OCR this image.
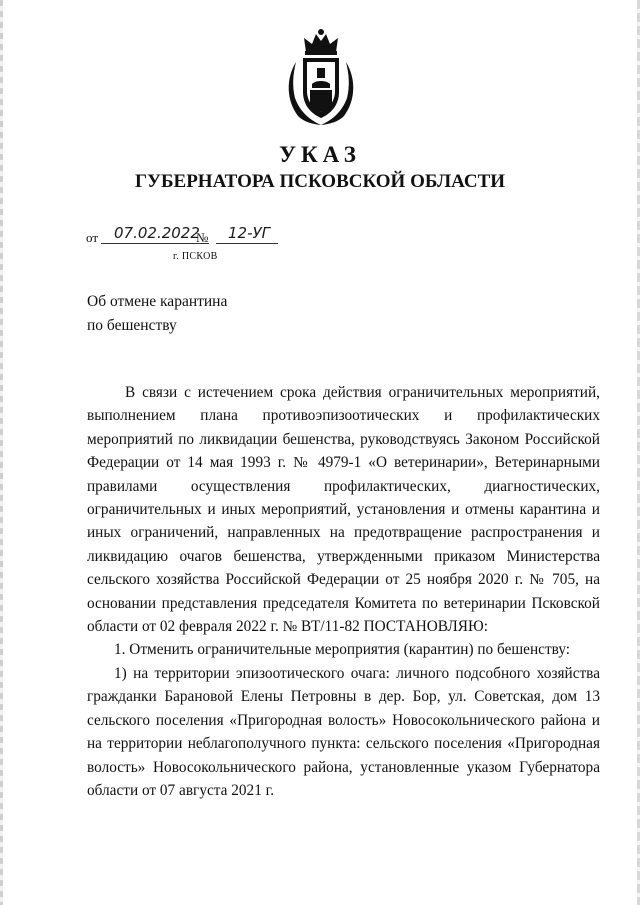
УКАЗ
ГУБЕРНАТОРА ПСКОВСКОЙ ОБЛАСТИ
от 07.02.2022
№ 12-УГ
г. ПСКОВ
Об отмене карантина
по бешенству

В связи с истечением срока действия ограничительных мероприятий, выполнением плана противоэпизоотических и профилактических мероприятий по ликвидации бешенства, руководствуясь Законом Российской Федерации от 14 мая 1993 г. № 4979-1 «О ветеринарии», Ветеринарными правилами осуществления профилактических, диагностических, ограничительных и иных мероприятий, установления и отмены карантина и иных ограничений, направленных на предотвращение распространения и ликвидацию очагов бешенства, утвержденными приказом Министерства сельского хозяйства Российской Федерации от 25 ноября 2020 г. № 705, на основании представления председателя Комитета по ветеринарии Псковской области от 02 февраля 2022 г. № ВТ/11-82 ПОСТАНОВЛЯЮ:

1. Отменить ограничительные мероприятия (карантин) по бешенству:

1) на территории эпизоотического очага: личного подсобного хозяйства гражданки Барановой Елены Петровны в дер. Бор, ул. Советская, дом 13 сельского поселения «Пригородная волость» Новосокольнического района и на территории неблагополучного пункта: сельского поселения «Пригородная волость» Новосокольнического района, установленные указом Губернатора области от 07 августа 2021 г.
